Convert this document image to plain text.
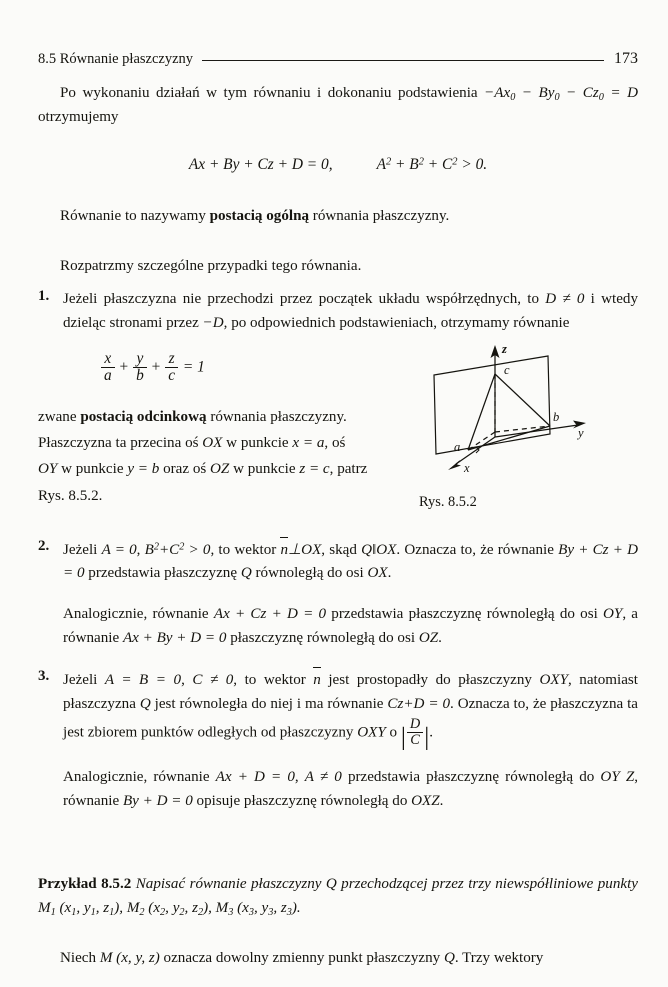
8.5 Równanie płaszczyzny	173

Po wykonaniu działań w tym równaniu i dokonaniu podstawienia $-Ax_0 - By_0 - Cz_0 = D$ otrzymujemy

Ax + By + Cz + D = 0,	$A^2 + B^2 + C^2 > 0$.

Równanie to nazywamy postacią ogólną równania płaszczyzny.

Rozpatrzmy szczególne przypadki tego równania.

1. Jeżeli płaszczyzna nie przechodzi przez początek układu współrzędnych, to D ≠ 0 i wtedy dzieląc stronami przez −D, po odpowiednich podstawieniach, otrzymamy równanie

$\frac{x}{a} + \frac{y}{b} + \frac{z}{c} = 1$

zwane postacią odcinkową równania płaszczyzny. Płaszczyzna ta przecina oś OX w punkcie x = a, oś OY w punkcie y = b oraz oś OZ w punkcie z = c, patrz Rys. 8.5.2.

z
y
x
c
b
a
Rys. 8.5.2
2. Jeżeli A = 0, $B^2+C^2 > 0$, to wektor n⊥OX, skąd Q‖OX. Oznacza to, że równanie By + Cz + D = 0 przedstawia płaszczyznę Q równoległą do osi OX.

Analogicznie, równanie Ax + Cz + D = 0 przedstawia płaszczyznę równoległą do osi OY, a równanie Ax + By + D = 0 płaszczyznę równoległą do osi OZ.

3. Jeżeli A = B = 0, C ≠ 0, to wektor n jest prostopadły do płaszczyzny OXY, natomiast płaszczyzna Q jest równoległa do niej i ma równanie Cz+D = 0. Oznacza to, że płaszczyzna ta jest zbiorem punktów odległych od płaszczyzny OXY o | $\frac{D}{C}$ |.

Analogicznie, równanie Ax + D = 0, A ≠ 0 przedstawia płaszczyznę równoległą do OY Z, równanie By + D = 0 opisuje płaszczyznę równoległą do OXZ.

Przykład 8.5.2 Napisać równanie płaszczyzny Q przechodzącej przez trzy niewspółliniowe punkty $M_1$ ($x_1$, $y_1$, $z_1$), $M_2$ ($x_2$, $y_2$, $z_2$), $M_3$ ($x_3$, $y_3$, $z_3$).

Niech M (x, y, z) oznacza dowolny zmienny punkt płaszczyzny Q. Trzy wektory
